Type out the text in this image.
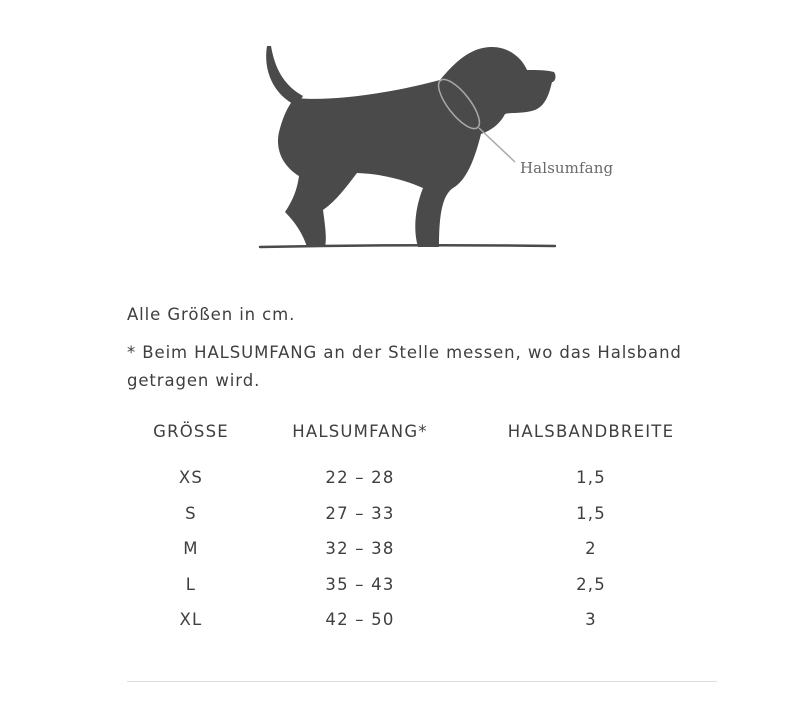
Halsumfang

Alle Größen in cm.

* Beim HALSUMFANG an der Stelle messen, wo das Halsband getragen wird.

GRÖSSE	HALSUMFANG*	HALSBANDBREITE
XS	22 – 28	1,5
S	27 – 33	1,5
M	32 – 38	2
L	35 – 43	2,5
XL	42 – 50	3
